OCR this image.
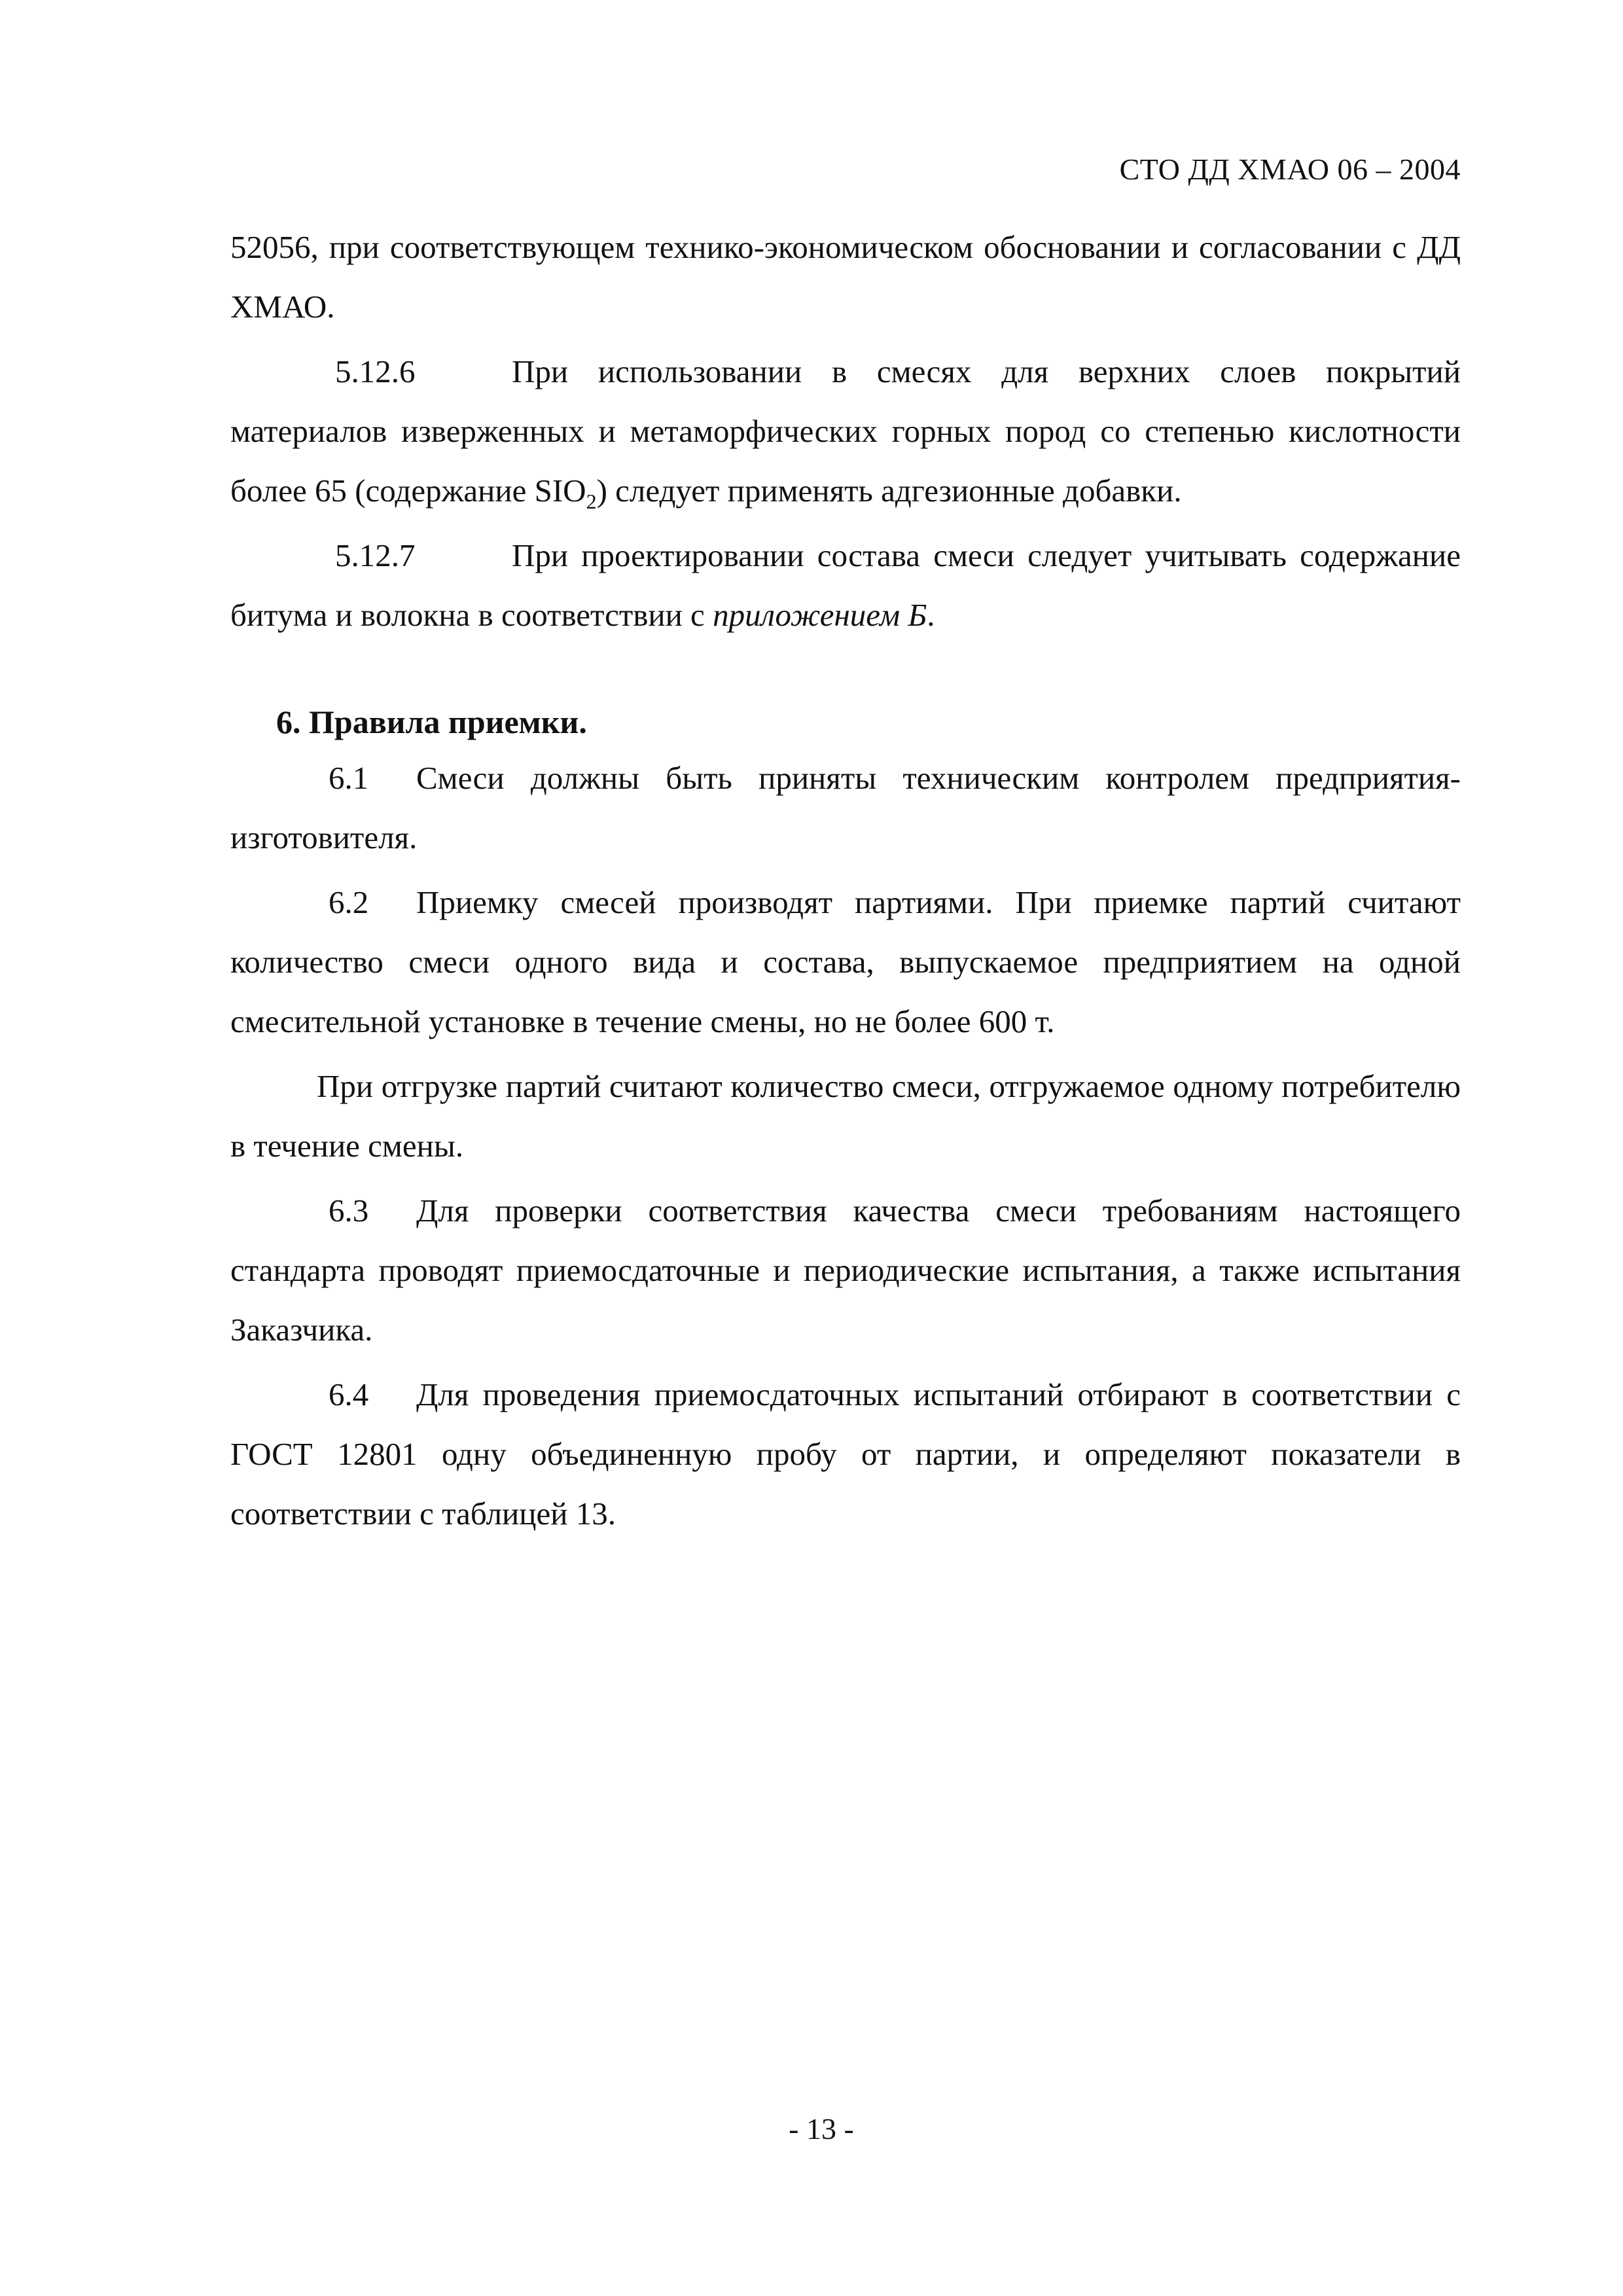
СТО ДД ХМАО 06 – 2004

52056, при соответствующем технико-экономическом обосновании и согласовании с ДД ХМАО.

5.12.6	При использовании в смесях для верхних слоев покрытий материалов изверженных и метаморфических горных пород со степенью кислотности более 65 (содержание $SIO_2$) следует применять адгезионные добавки.

5.12.7	При проектировании состава смеси следует учитывать содержание битума и волокна в соответствии с приложением Б.

6. Правила приемки.

6.1 Смеси должны быть приняты техническим контролем предприятия-изготовителя.

6.2 Приемку смесей производят партиями. При приемке партий считают количество смеси одного вида и состава, выпускаемое предприятием на одной смесительной установке в течение смены, но не более 600 т.

При отгрузке партий считают количество смеси, отгружаемое одному потребителю в течение смены.

6.3 Для проверки соответствия качества смеси требованиям настоящего стандарта проводят приемосдаточные и периодические испытания, а также испытания Заказчика.

6.4 Для проведения приемосдаточных испытаний отбирают в соответствии с ГОСТ 12801 одну объединенную пробу от партии, и определяют показатели в соответствии с таблицей 13.

- 13 -
